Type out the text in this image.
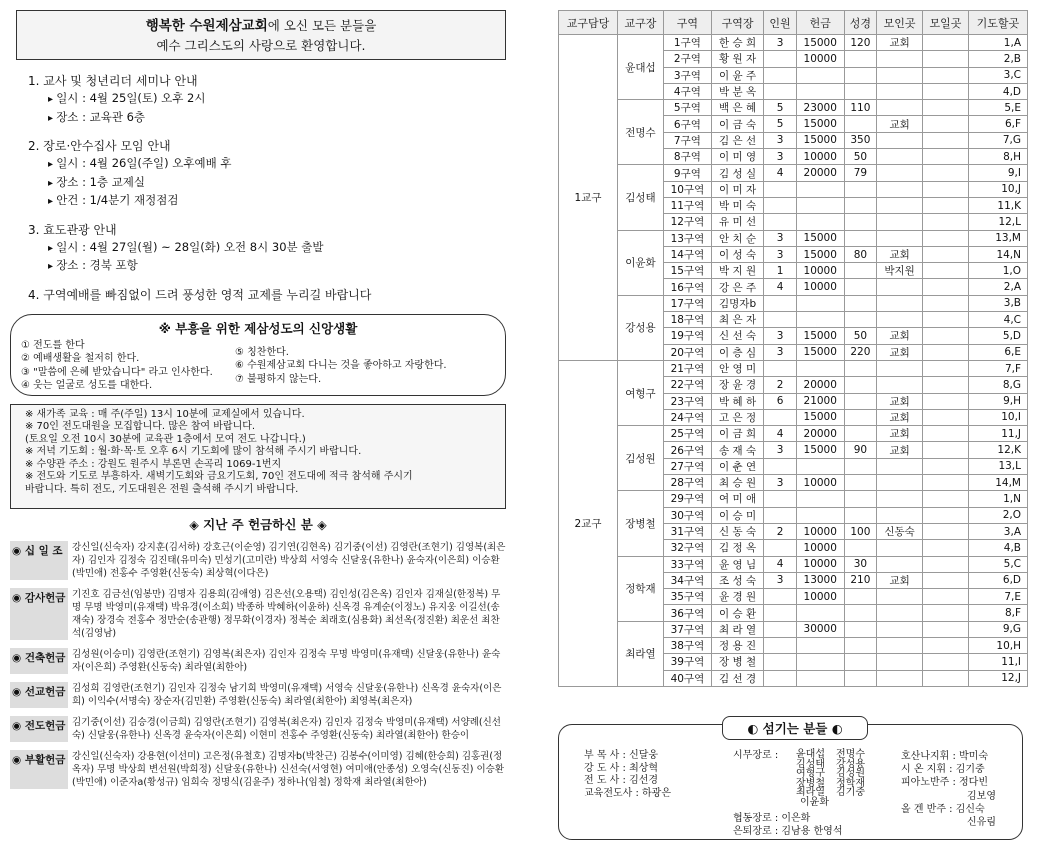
행복한 수원제삼교회에 오신 모든 분들을
예수 그리스도의 사랑으로 환영합니다.
1. 교사 및 청년리더 세미나 안내
▸ 일시 : 4월 25일(토) 오후 2시
▸ 장소 : 교육관 6층
2. 장로·안수집사 모임 안내
▸ 일시 : 4월 26일(주일) 오후예배 후
▸ 장소 : 1층 교제실
▸ 안건 : 1/4분기 재정점검
3. 효도관광 안내
▸ 일시 : 4월 27일(월) ~ 28일(화) 오전 8시 30분 출발
▸ 장소 : 경북 포항
4. 구역예배를 빠짐없이 드려 풍성한 영적 교제를 누리길 바랍니다
※ 부흥을 위한 제삼성도의 신앙생활
① 전도를 한다
② 예배생활을 철저히 한다.
③ "말씀에 은혜 받았습니다" 라고 인사한다.
④ 웃는 얼굴로 성도를 대한다.
⑤ 칭찬한다.
⑥ 수원제삼교회 다니는 것을 좋아하고 자랑한다.
⑦ 불평하지 않는다.
※ 새가족 교육 : 매 주(주일) 13시 10분에 교제실에서 있습니다.
※ 70인 전도대원을 모집합니다. 많은 참여 바랍니다.
(토요일 오전 10시 30분에 교육관 1층에서 모여 전도 나갑니다.)
※ 저녁 기도회 : 월·화·목·토 오후 6시 기도회에 많이 참석해 주시기 바랍니다.
※ 수양관 주소 : 강원도 원주시 부론면 손곡리 1069-1번지
※ 전도와 기도로 부흥하자. 새벽기도회와 금요기도회, 70인 전도대에 적극 참석해 주시기
바랍니다. 특히 전도, 기도대원은 전원 출석해 주시기 바랍니다.
◈ 지난 주 헌금하신 분 ◈
◉ 십 일 조 강신일(신숙자) 강지훈(김서하) 강호근(이순영) 김기연(김현옥) 김기중(이선) 김영란(조현기) 김영복(최은자) 김인자 김정숙 김진태(유미숙) 민성기(고미란) 박상희 서영숙 신달웅(유한나) 윤숙자(이은희) 이승환(박민애) 전홍수 주영환(신동숙) 최상혁(이다은)
◉ 감사헌금 기진호 김금선(임봉만) 김명자 김용희(김애영) 김은선(오용택) 김인성(김은옥) 김인자 김재실(한정복) 무명 무명 박영미(유재택) 박유경(이소희) 박종하 박혜하(이윤하) 신옥경 유계순(이정노) 유지웅 이길선(송재숙) 장경숙 전홍수 정만순(송관행) 정무화(이경자) 정복순 최래호(심용화) 최선옥(정진환) 최운선 최찬석(김영남)
◉ 건축헌금 김성원(이승미) 김영란(조현기) 김영복(최은자) 김인자 김정숙 무명 박영미(유재택) 신달웅(유한나) 윤숙자(이은희) 주영환(신동숙) 최라열(최한아)
◉ 선교헌금 김성희 김영란(조현기) 김인자 김정숙 남기희 박영미(유재택) 서영숙 신달웅(유한나) 신옥경 윤숙자(이은희) 이익수(서명숙) 장순자(김민환) 주영환(신동숙) 최라열(최한아) 최영복(최은자)
◉ 전도헌금 김기중(이선) 김승경(이금희) 김영란(조현기) 김영복(최은자) 김인자 김정숙 박영미(유재택) 서양례(신선숙) 신달웅(유한나) 신옥경 윤숙자(이은희) 이현미 전홍수 주영환(신동숙) 최라열(최한아) 한승이
◉ 부활헌금 강신일(신숙자) 강용현(이선미) 고은정(유철호) 김명자b(박찬근) 김봉수(이미영) 김혜(한승희) 김홍권(정옥자) 무명 박상희 변선원(박희정) 신달웅(유한나) 신선숙(서영현) 여미애(안종성) 오영숙(신동진) 이승환(박민애) 이준자a(황성규) 임희숙 정명식(김윤주) 정하나(임철) 정학재 최라열(최한아)
교구담당	교구장	구역	구역장	인원	헌금	성경	모인곳	모일곳	기도할곳
1교구	윤대섭	1구역	한 승 희	3	15000	120	교회		1,A
		2구역	황 원 자		10000				2,B
		3구역	이 윤 주						3,C
		4구역	박 분 옥						4,D
	전명수	5구역	백 은 혜	5	23000	110			5,E
		6구역	이 금 숙	5	15000		교회		6,F
		7구역	김 은 선	3	15000	350			7,G
		8구역	이 미 영	3	10000	50			8,H
	김성태	9구역	김 성 실	4	20000	79			9,I
		10구역	이 미 자						10,J
		11구역	박 미 숙						11,K
		12구역	유 미 선						12,L
	이윤화	13구역	안 치 순	3	15000				13,M
		14구역	이 성 숙	3	15000	80	교회		14,N
		15구역	박 지 원	1	10000		박지원		1,O
		16구역	강 은 주	4	10000				2,A
	강성용	17구역	김명자b						3,B
		18구역	최 은 자						4,C
		19구역	신 선 숙	3	15000	50	교회		5,D
		20구역	이 층 심	3	15000	220	교회		6,E
2교구	여형구	21구역	안 영 미						7,F
		22구역	장 윤 경	2	20000				8,G
		23구역	박 혜 하	6	21000		교회		9,H
		24구역	고 은 정		15000		교회		10,I
	김성원	25구역	이 금 희	4	20000		교회		11,J
		26구역	송 재 숙	3	15000	90	교회		12,K
		27구역	이 춘 연						13,L
		28구역	최 승 원	3	10000				14,M
	장병철	29구역	여 미 애						1,N
		30구역	이 승 미						2,O
		31구역	신 동 숙	2	10000	100	신동숙		3,A
		32구역	김 정 옥		10000				4,B
	정학재	33구역	윤 영 님	4	10000	30			5,C
		34구역	조 성 숙	3	13000	210	교회		6,D
		35구역	윤 경 원		10000				7,E
		36구역	이 승 환						8,F
	최라열	37구역	최 라 열		30000				9,G
		38구역	정 용 진						10,H
		39구역	장 병 철						11,I
		40구역	김 선 경						12,J
◐ 섬기는 분들 ◐
부 목 사 : 신달웅
강 도 사 : 최상혁
전 도 사 : 김선경
교육전도사 : 하광은
시무장로 : 윤대섭
김성태
여형구
장병철
최라열
전명수
강성용
김성원
정학재
김기중
이윤화
협동장로 : 이은화
은퇴장로 : 김남용 한영석
호산나지휘 : 박미숙
시 온 지휘 : 김기중
피아노반주 : 정다빈
김보영
올 겐 반주 : 김신숙
신유림
